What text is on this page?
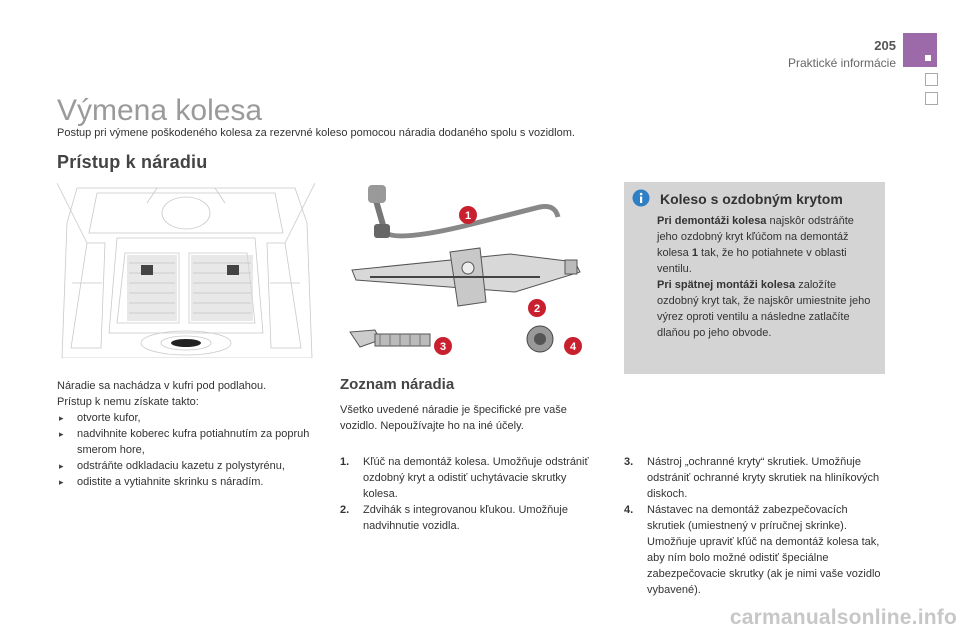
205
Praktické informácie
Výmena kolesa
Postup pri výmene poškodeného kolesa za rezervné koleso pomocou náradia dodaného spolu s vozidlom.
Prístup k náradiu
1
2
3	4
Koleso s ozdobným krytom
Pri demontáži kolesa najskôr odstráňte jeho ozdobný kryt kľúčom na demontáž kolesa 1 tak, že ho potiahnete v oblasti ventilu.
Pri spätnej montáži kolesa založíte ozdobný kryt tak, že najskôr umiestnite jeho výrez oproti ventilu a následne zatlačíte dlaňou po jeho obvode.
Náradie sa nachádza v kufri pod podlahou.
Prístup k nemu získate takto:
▸ otvorte kufor,
▸ nadvihnite koberec kufra potiahnutím za popruh smerom hore,
▸ odstráňte odkladaciu kazetu z polystyrénu,
▸ odistite a vytiahnite skrinku s náradím.
Zoznam náradia
Všetko uvedené náradie je špecifické pre vaše vozidlo. Nepoužívajte ho na iné účely.
1. Kľúč na demontáž kolesa. Umožňuje odstrániť ozdobný kryt a odistiť uchytávacie skrutky kolesa.
2. Zdvihák s integrovanou kľukou. Umožňuje nadvihnutie vozidla.
3. Nástroj „ochranné kryty“ skrutiek. Umožňuje odstrániť ochranné kryty skrutiek na hliníkových diskoch.
4. Nástavec na demontáž zabezpečovacích skrutiek (umiestnený v príručnej skrinke). Umožňuje upraviť kľúč na demontáž kolesa tak, aby ním bolo možné odistiť špeciálne zabezpečovacie skrutky (ak je nimi vaše vozidlo vybavené).
carmanualsonline.info
